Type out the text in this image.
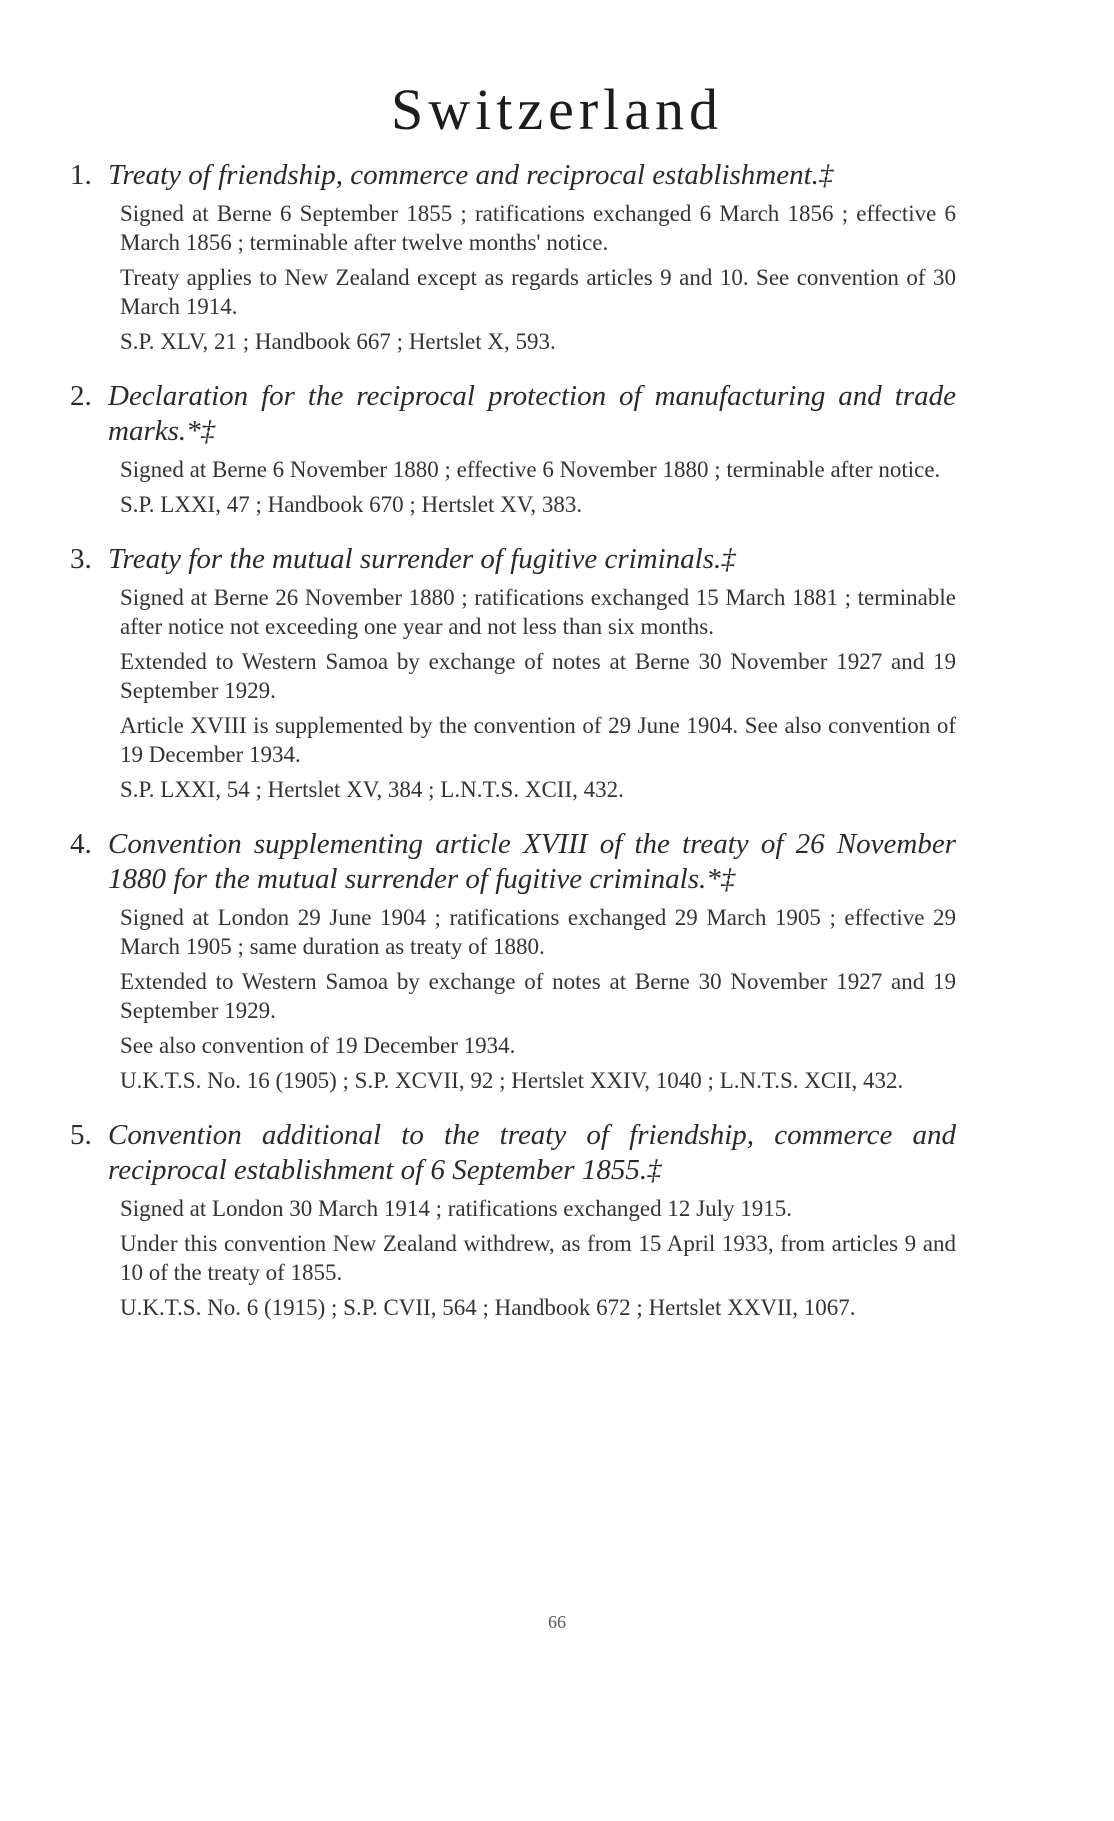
Switzerland
1. Treaty of friendship, commerce and reciprocal establishment.‡

Signed at Berne 6 September 1855 ; ratifications exchanged 6 March 1856 ; effective 6 March 1856 ; terminable after twelve months' notice.

Treaty applies to New Zealand except as regards articles 9 and 10. See convention of 30 March 1914.

S.P. XLV, 21 ; Handbook 667 ; Hertslet X, 593.

2. Declaration for the reciprocal protection of manufacturing and trade marks.*‡

Signed at Berne 6 November 1880 ; effective 6 November 1880 ; terminable after notice.

S.P. LXXI, 47 ; Handbook 670 ; Hertslet XV, 383.

3. Treaty for the mutual surrender of fugitive criminals.‡

Signed at Berne 26 November 1880 ; ratifications exchanged 15 March 1881 ; terminable after notice not exceeding one year and not less than six months.

Extended to Western Samoa by exchange of notes at Berne 30 November 1927 and 19 September 1929.

Article XVIII is supplemented by the convention of 29 June 1904. See also convention of 19 December 1934.

S.P. LXXI, 54 ; Hertslet XV, 384 ; L.N.T.S. XCII, 432.

4. Convention supplementing article XVIII of the treaty of 26 November 1880 for the mutual surrender of fugitive criminals.*‡

Signed at London 29 June 1904 ; ratifications exchanged 29 March 1905 ; effective 29 March 1905 ; same duration as treaty of 1880.

Extended to Western Samoa by exchange of notes at Berne 30 November 1927 and 19 September 1929.

See also convention of 19 December 1934.

U.K.T.S. No. 16 (1905) ; S.P. XCVII, 92 ; Hertslet XXIV, 1040 ; L.N.T.S. XCII, 432.

5. Convention additional to the treaty of friendship, commerce and reciprocal establishment of 6 September 1855.‡

Signed at London 30 March 1914 ; ratifications exchanged 12 July 1915.

Under this convention New Zealand withdrew, as from 15 April 1933, from articles 9 and 10 of the treaty of 1855.

U.K.T.S. No. 6 (1915) ; S.P. CVII, 564 ; Handbook 672 ; Hertslet XXVII, 1067.

66
